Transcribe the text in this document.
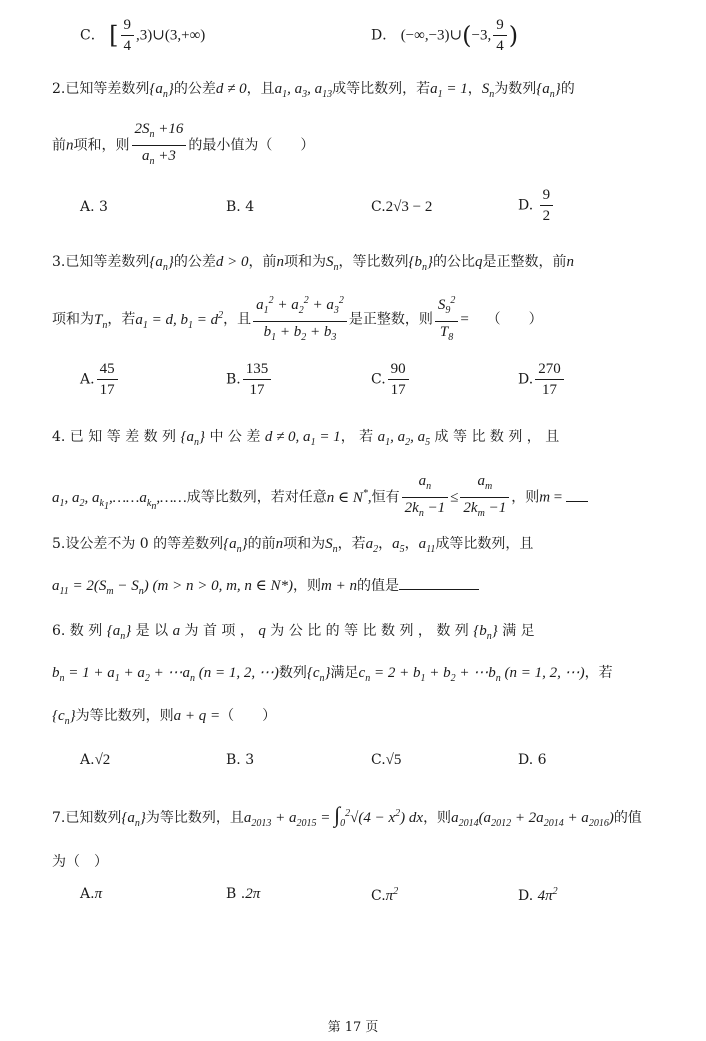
C． [ $\frac{9}{4}$ ,3)∪(3,+∞)	D． (−∞,−3)∪(−3, $\frac{9}{4}$ )
2.已知等差数列$\{a_n\}$的公差d ≠ 0，且$a_1$, $a_3$, $a_{13}$成等比数列，若$a_1 = 1$，$S_n$为数列$\{a_n\}$的
前n项和，则 $\frac{2S_n +16}{a_n +3}$ 的最小值为（　　）
A. 3	B. 4	C.2√3 − 2	D. $\frac{9}{2}$
3.已知等差数列$\{a_n\}$的公差d > 0，前n项和为$S_n$，等比数列$\{b_n\}$的公比q是正整数，前n
项和为$T_n$，若$a_1 = d$, $b_1 = d^2$，且 $\frac{a_1^2 + a_2^2 + a_3^2}{b_1 + b_2 + b_3}$ 是正整数，则 $\frac{S_9^2}{T_8}$ = （　　）
A. $\frac{45}{17}$	B. $\frac{135}{17}$	C. $\frac{90}{17}$	D. $\frac{270}{17}$
4. 已 知 等 差 数 列 $\{a_n\}$ 中 公 差 d ≠ 0, $a_1 = 1$， 若 $a_1$, $a_2$, $a_5$ 成 等 比 数 列 ， 且
$a_1$, $a_2$, $a_{k_1},\dots\dots a_{k_n},\dots\dots$成等比数列，若对任意n ∈ N*,恒有 $\frac{a_n}{2k_n -1} \le \frac{a_m}{2k_m -1}$ ，则m =
5.设公差不为 0 的等差数列$\{a_n\}$的前n项和为$S_n$，若$a_2$，$a_5$，$a_{11}$成等比数列，且
$a_{11} = 2(S_m - S_n) (m > n > 0$, m, n ∈ N*)，则m + n的值是
6. 数 列 $\{a_n\}$ 是 以 a 为 首 项 ， q 为 公 比 的 等 比 数 列 ， 数 列 $\{b_n\}$ 满 足
$b_n = 1 + a_1 + a_2$ + $\cdots a_n$ (n = 1, 2, ⋯)数列$\{c_n\}$满足$c_n = 2 + b_1 + b_2$ + $\cdots b_n$ (n = 1, 2, ⋯)，若
$\{c_n\}$为等比数列，则a + q =（　　）
A.√2	B. 3	C.√5	D. 6
7.已知数列$\{a_n\}$为等比数列，且$a_{2013} + a_{2015} = \int_0^2√(4 - x^2)$ dx，则$a_{2014}(a_{2012} + 2a_{2014} + a_{2016})$的值
为（　）
A.π	B .2π	$C.\pi^2$	D. $4\pi^2$
第 17 页
